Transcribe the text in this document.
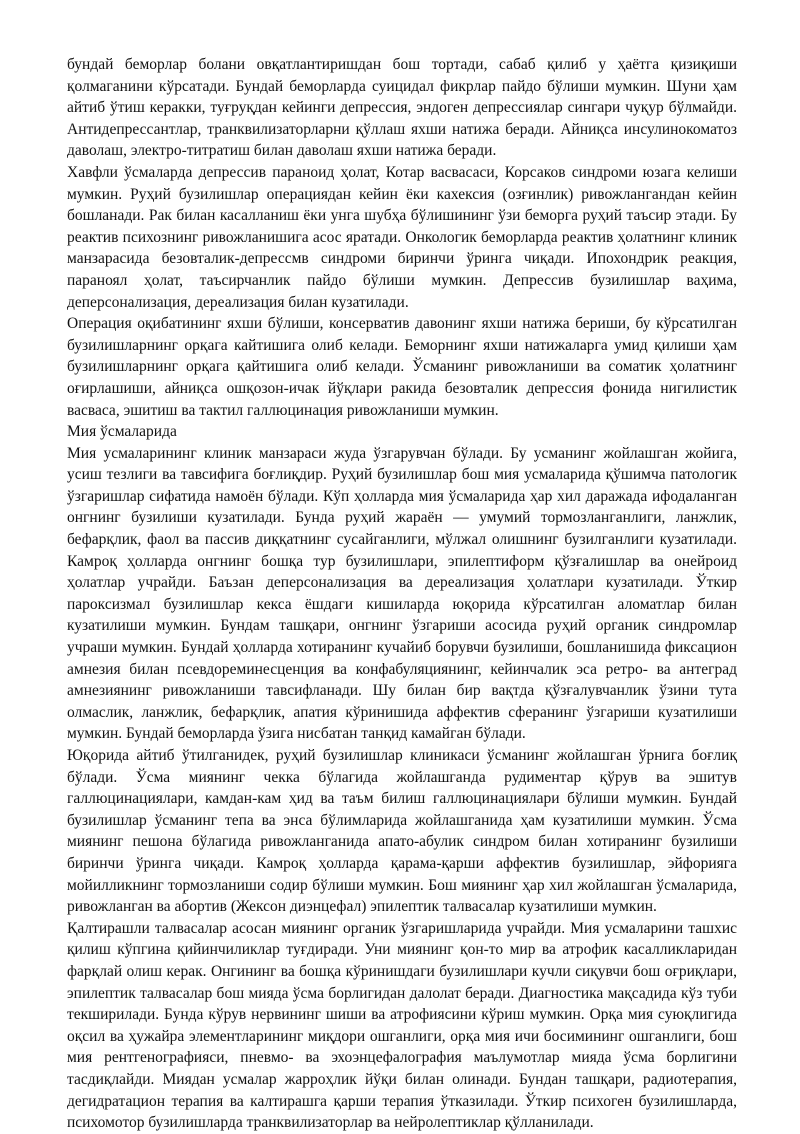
бундай беморлар болани овқатлантиришдан бош тортади, сабаб қилиб у ҳаётга қизиқиши қолмаганини кўрсатади. Бундай беморларда суицидал фикрлар пайдо бўлиши мумкин. Шуни ҳам айтиб ўтиш керакки, туғруқдан кейинги депрессия, эндоген депрессиялар сингари чуқур бўлмайди. Антидепрессантлар, транквилизаторларни қўллаш яхши натижа беради. Айниқса инсулинокоматоз даволаш, электро-титратиш билан даволаш яхши натижа беради.

Хавфли ўсмаларда депрессив параноид ҳолат, Котар васвасаси, Корсаков синдроми юзага келиши мумкин. Руҳий бузилишлар операциядан кейин ёки кахексия (озғинлик) ривожлангандан кейин бошланади. Рак билан касалланиш ёки унга шубҳа бўлишининг ўзи беморга руҳий таъсир этади. Бу реактив психознинг ривожланишига асос яратади. Онкологик беморларда реактив ҳолатнинг клиник манзарасида безовталик-депрессмв синдроми биринчи ўринга чиқади. Ипохондрик реакция, параноял ҳолат, таъсирчанлик пайдо бўлиши мумкин. Депрессив бузилишлар ваҳима, деперсонализация, дереализация билан кузатилади.

Операция оқибатининг яхши бўлиши, консерватив давонинг яхши натижа бериши, бу кўрсатилган бузилишларнинг орқага кайтишига олиб келади. Беморнинг яхши натижаларга умид қилиши ҳам бузилишларнинг орқага қайтишига олиб келади. Ўсманинг ривожланиши ва соматик ҳолатнинг оғирлашиши, айниқса ошқозон-ичак йўқлари ракида безовталик депрессия фонида нигилистик васваса, эшитиш ва тактил галлюцинация ривожланиши мумкин.

Мия ўсмаларида

Мия усмаларининг клиник манзараси жуда ўзгарувчан бўлади. Бу усманинг жойлашган жойига, усиш тезлиги ва тавсифига боғлиқдир. Руҳий бузилишлар бош мия усмаларида қўшимча патологик ўзгаришлар сифатида намоён бўлади. Кўп ҳолларда мия ўсмаларида ҳар хил даражада ифодаланган онгнинг бузилиши кузатилади. Бунда руҳий жараён — умумий тормозланганлиги, ланжлик, бефарқлик, фаол ва пассив диққатнинг сусайганлиги, мўлжал олишнинг бузилганлиги кузатилади. Камроқ ҳолларда онгнинг бошқа тур бузилишлари, эпилептиформ қўзғалишлар ва онейроид ҳолатлар учрайди. Баъзан деперсонализация ва дереализация ҳолатлари кузатилади. Ўткир пароксизмал бузилишлар кекса ёшдаги кишиларда юқорида кўрсатилган аломатлар билан кузатилиши мумкин. Бундам ташқари, онгнинг ўзгариши асосида руҳий органик синдромлар учраши мумкин. Бундай ҳолларда хотиранинг кучайиб борувчи бузилиши, бошланишида фиксацион амнезия билан псевдореминесценция ва конфабуляциянинг, кейинчалик эса ретро- ва антеград амнезиянинг ривожланиши тавсифланади. Шу билан бир вақтда қўзғалувчанлик ўзини тута олмаслик, ланжлик, бефарқлик, апатия кўринишида аффектив сферанинг ўзгариши кузатилиши мумкин. Бундай беморларда ўзига нисбатан танқид камайган бўлади.

Юқорида айтиб ўтилганидек, руҳий бузилишлар клиникаси ўсманинг жойлашган ўрнига боғлиқ бўлади. Ўсма миянинг чекка бўлагида жойлашганда рудиментар қўрув ва эшитув галлюцинациялари, камдан-кам ҳид ва таъм билиш галлюцинациялари бўлиши мумкин. Бундай бузилишлар ўсманинг тепа ва энса бўлимларида жойлашганида ҳам кузатилиши мумкин. Ўсма миянинг пешона бўлагида ривожланганида апато-абулик синдром билан хотиранинг бузилиши биринчи ўринга чиқади. Камроқ ҳолларда қарама-қарши аффектив бузилишлар, эйфорияга мойилликнинг тормозланиши содир бўлиши мумкин. Бош миянинг ҳар хил жойлашган ўсмаларида, ривожланган ва абортив (Жексон диэнцефал) эпилептик талвасалар кузатилиши мумкин.

Қалтирашли талвасалар асосан миянинг органик ўзгаришларида учрайди. Мия усмаларини ташхис қилиш кўпгина қийинчиликлар туғдиради. Уни миянинг қон-то мир ва атрофик касалликларидан фарқлай олиш керак. Онгининг ва бошқа кўринишдаги бузилишлари кучли сиқувчи бош оғриқлари, эпилептик талвасалар бош мияда ўсма борлигидан далолат беради. Диагностика мақсадида кўз туби текширилади. Бунда кўрув нервининг шиши ва атрофиясини кўриш мумкин. Орқа мия суюқлигида оқсил ва ҳужайра элементларининг миқдори ошганлиги, орқа мия ичи босимининг ошганлиги, бош мия рентгенографияси, пневмо- ва эхоэнцефалография маълумотлар мияда ўсма борлигини тасдиқлайди. Миядан усмалар жарроҳлик йўқи билан олинади. Бундан ташқари, радиотерапия, дегидратацион терапия ва калтирашга қарши терапия ўтказилади. Ўткир психоген бузилишларда, психомотор бузилишларда транквилизаторлар ва нейролептиклар қўлланилади.
